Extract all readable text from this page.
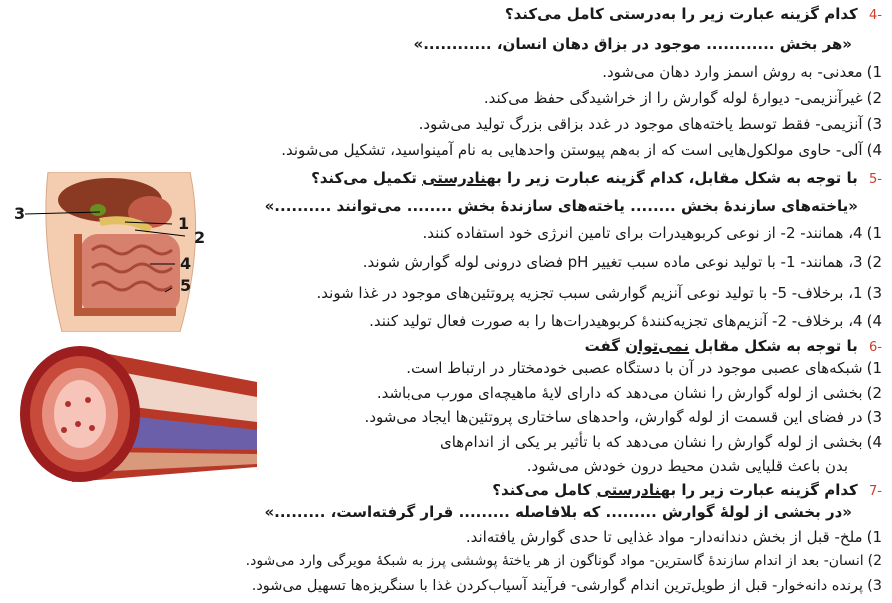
-4 کدام گزینه عبارت زیر را به‌درستی کامل می‌کند؟
«هر بخش ............ موجود در بزاق دهان انسان، ............»
1)معدنی- به روش اسمز وارد دهان می‌شود.
2)غیرآنزیمی- دیوارهٔ لوله گوارش را از خراشیدگی حفظ می‌کند.
3)آنزیمی- فقط توسط یاخته‌های موجود در غدد بزاقی بزرگ تولید می‌شود.
4)آلی- حاوی مولکول‌هایی است که از به‌هم پیوستن واحدهایی به نام آمینواسید، تشکیل می‌شوند.
-5 با توجه به شکل مقابل، کدام گزینه عبارت زیر را بهنادرستی تکمیل می‌کند؟
«یاخته‌های سازندهٔ بخش ........ یاخته‌های سازندهٔ بخش ........ می‌توانند ..........»
1)4، همانند- 2- از نوعی کربوهیدرات برای تامین انرژی خود استفاده کنند.
2)3، همانند- 1- با تولید نوعی ماده سبب تغییر pH فضای درونی لوله گوارش شوند.
3)1، برخلاف- 5- با تولید نوعی آنزیم گوارشی سبب تجزیه پروتئین‌های موجود در غذا شوند.
4)4، برخلاف- 2- آنزیم‌های تجزیه‌کنندهٔ کربوهیدرات‌ها را به صورت فعال تولید کنند.
3
1
2
4
5
-6 با توجه به شکل مقابل نمی‌توان گفت
1)شبکه‌های عصبی موجود در آن با دستگاه عصبی خودمختار در ارتباط است.
2)بخشی از لوله گوارش را نشان می‌دهد که دارای لایهٔ ماهیچه‌ای مورب می‌باشد.
3)در فضای این قسمت از لوله گوارش، واحدهای ساختاری پروتئین‌ها ایجاد می‌شود.
4)بخشی از لوله گوارش را نشان می‌دهد که با تأثیر بر یکی از اندام‌های
بدن باعث قلیایی شدن محیط درون خودش می‌شود.
-7 کدام گزینه عبارت زیر را بهنادرستی کامل می‌کند؟
«در بخشی از لولهٔ گوارش ......... که بلافاصله ......... قرار گرفته‌است، .........»
1)ملخ- قبل از بخش دندانه‌دار- مواد غذایی تا حدی گوارش یافته‌اند.
2)انسان- بعد از اندام سازندهٔ گاسترین- مواد گوناگون از هر یاختهٔ پوششی پرز به شبکهٔ مویرگی وارد می‌شود.
3)پرنده دانه‌خوار- قبل از طویل‌ترین اندام گوارشی- فرآیند آسیاب‌کردن غذا با سنگریزه‌ها تسهیل می‌شود.
